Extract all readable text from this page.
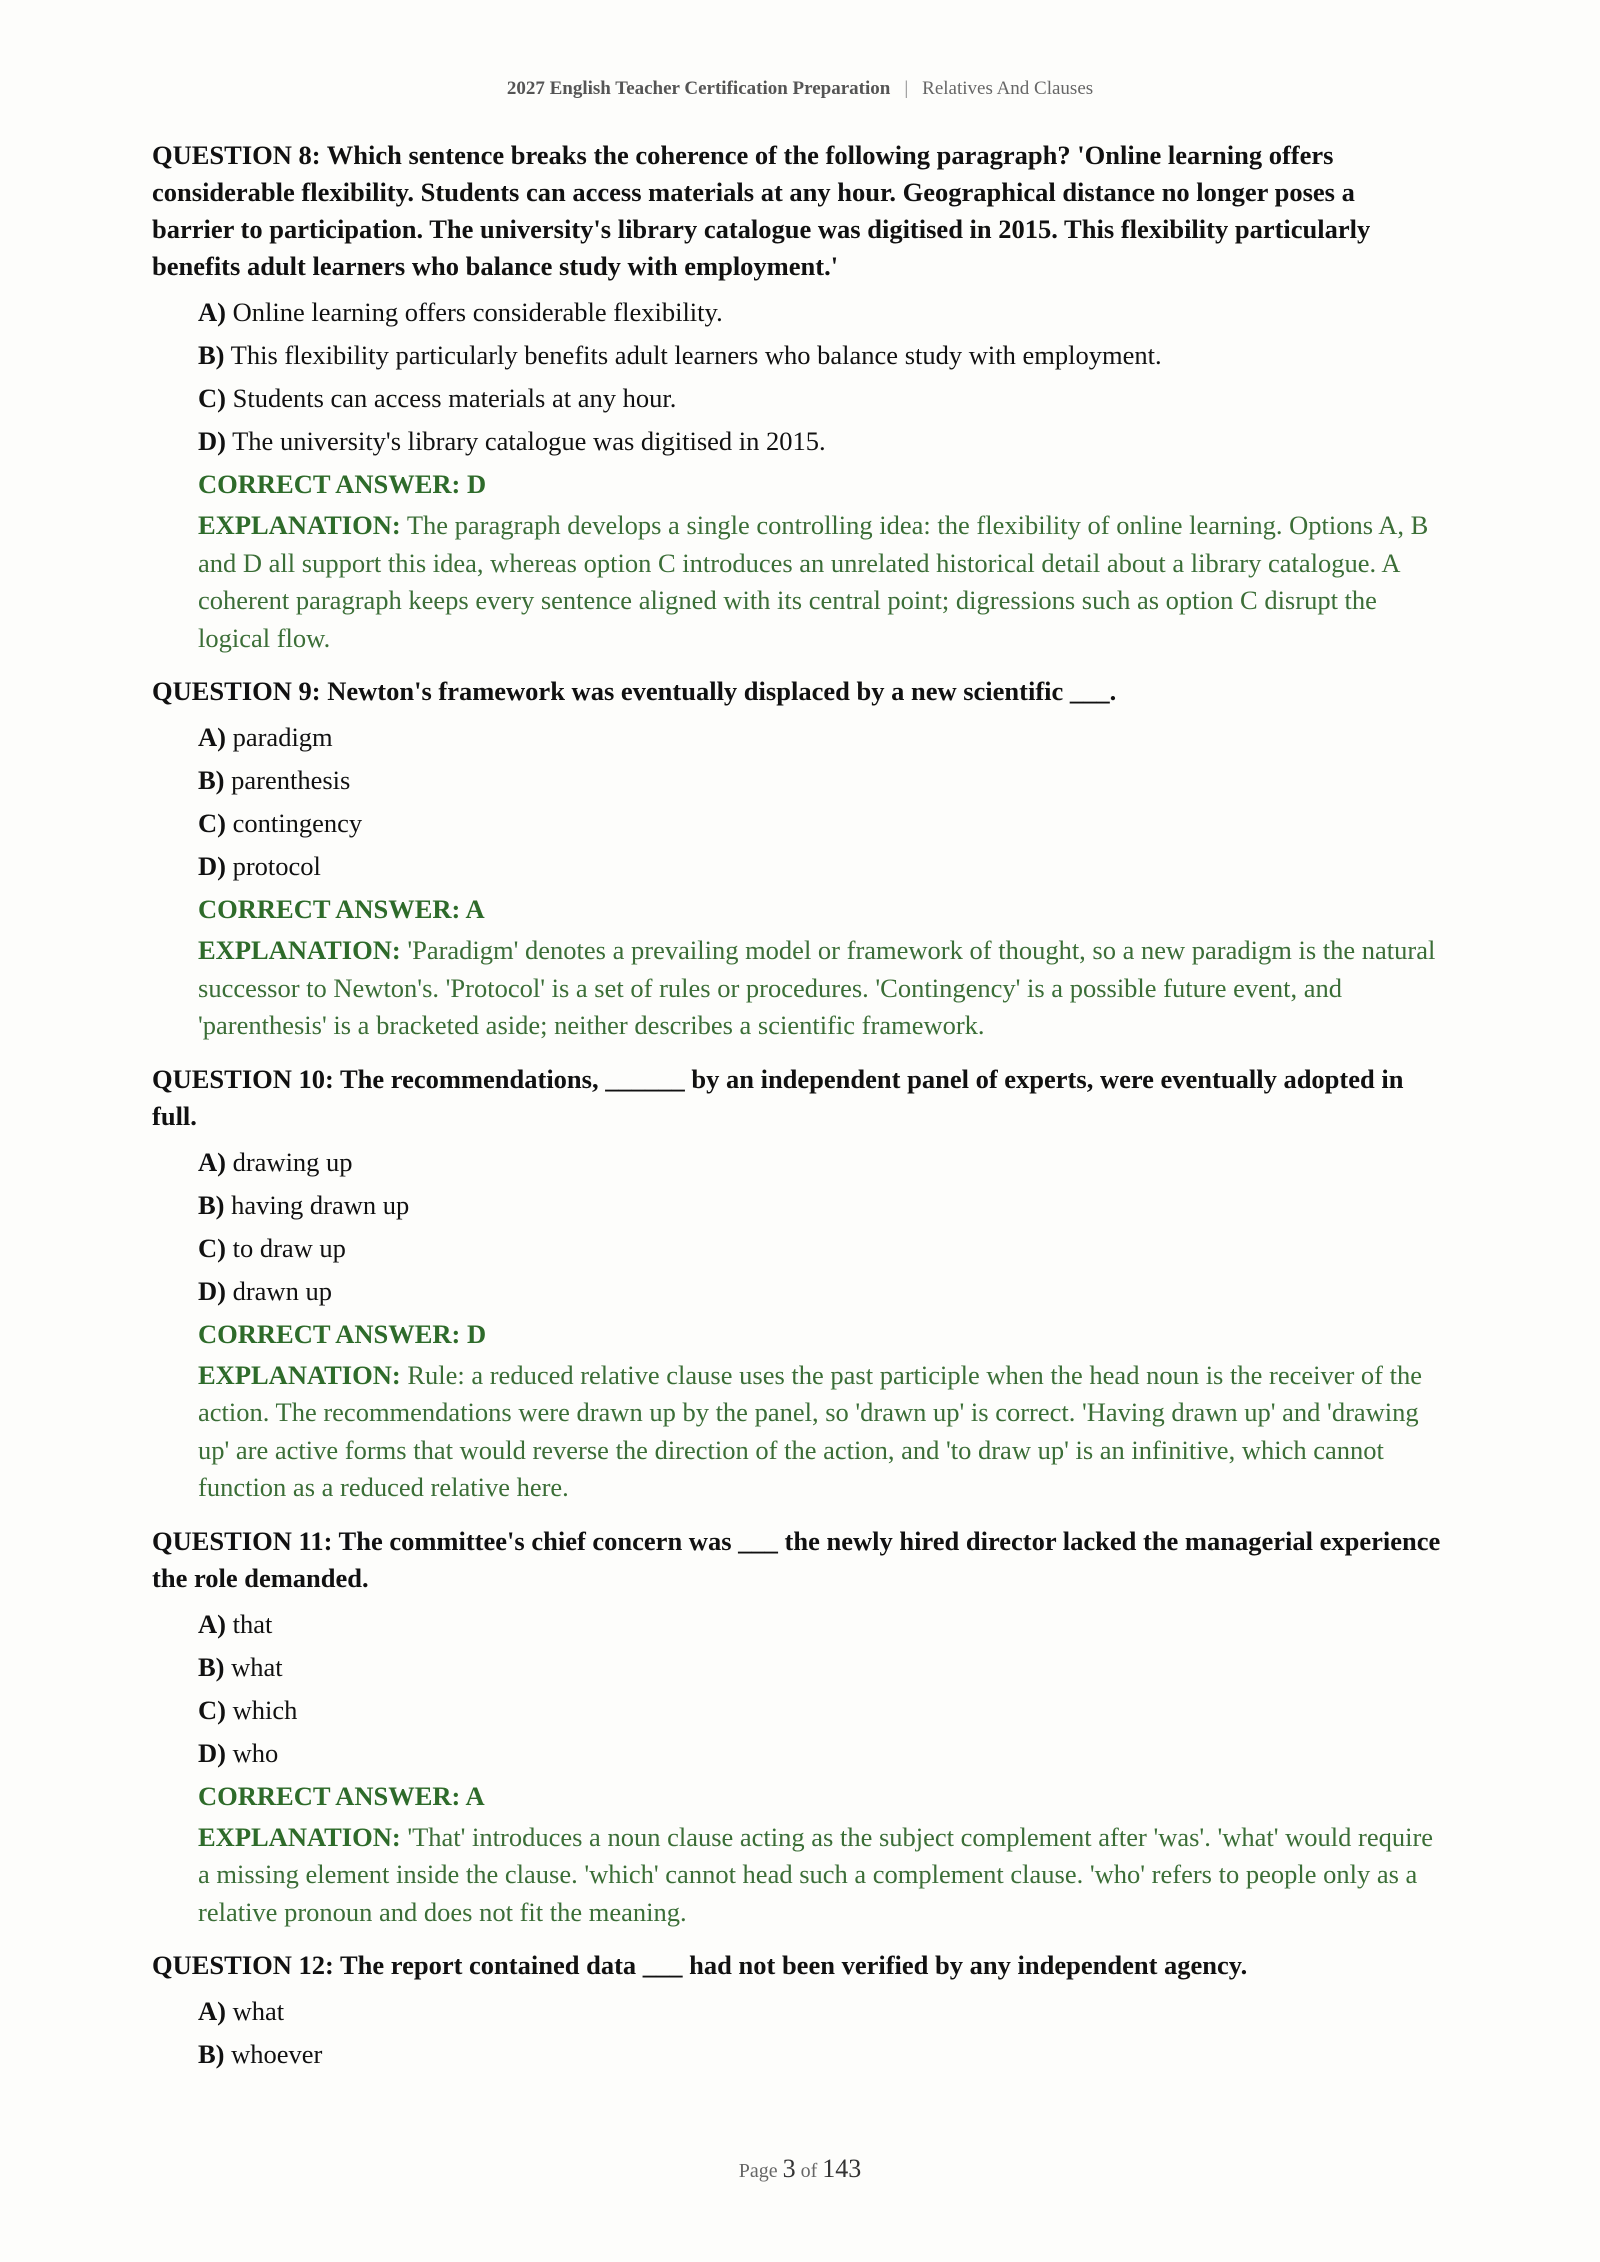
2027 English Teacher Certification Preparation | Relatives And Clauses

QUESTION 8: Which sentence breaks the coherence of the following paragraph? 'Online learning offers considerable flexibility. Students can access materials at any hour. Geographical distance no longer poses a barrier to participation. The university's library catalogue was digitised in 2015. This flexibility particularly benefits adult learners who balance study with employment.'

A) Online learning offers considerable flexibility.
B) This flexibility particularly benefits adult learners who balance study with employment.
C) Students can access materials at any hour.
D) The university's library catalogue was digitised in 2015.
CORRECT ANSWER: D
EXPLANATION: The paragraph develops a single controlling idea: the flexibility of online learning. Options A, B and D all support this idea, whereas option C introduces an unrelated historical detail about a library catalogue. A coherent paragraph keeps every sentence aligned with its central point; digressions such as option C disrupt the logical flow.

QUESTION 9: Newton's framework was eventually displaced by a new scientific ___.

A) paradigm
B) parenthesis
C) contingency
D) protocol
CORRECT ANSWER: A
EXPLANATION: 'Paradigm' denotes a prevailing model or framework of thought, so a new paradigm is the natural successor to Newton's. 'Protocol' is a set of rules or procedures. 'Contingency' is a possible future event, and 'parenthesis' is a bracketed aside; neither describes a scientific framework.

QUESTION 10: The recommendations, ______ by an independent panel of experts, were eventually adopted in full.

A) drawing up
B) having drawn up
C) to draw up
D) drawn up
CORRECT ANSWER: D
EXPLANATION: Rule: a reduced relative clause uses the past participle when the head noun is the receiver of the action. The recommendations were drawn up by the panel, so 'drawn up' is correct. 'Having drawn up' and 'drawing up' are active forms that would reverse the direction of the action, and 'to draw up' is an infinitive, which cannot function as a reduced relative here.

QUESTION 11: The committee's chief concern was ___ the newly hired director lacked the managerial experience the role demanded.

A) that
B) what
C) which
D) who
CORRECT ANSWER: A
EXPLANATION: 'That' introduces a noun clause acting as the subject complement after 'was'. 'what' would require a missing element inside the clause. 'which' cannot head such a complement clause. 'who' refers to people only as a relative pronoun and does not fit the meaning.

QUESTION 12: The report contained data ___ had not been verified by any independent agency.

A) what
B) whoever
Page 3 of 143
